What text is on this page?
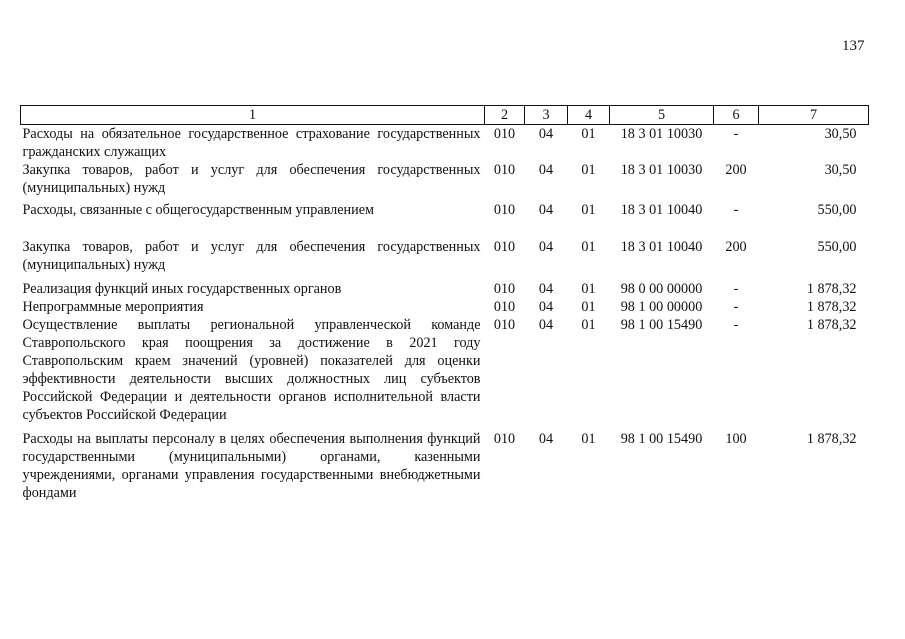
137
1	2	3	4	5	6	7
Расходы на обязательное государственное страхование государственных гражданских служащих	010	04	01	18 3 01 10030	-	30,50
Закупка товаров, работ и услуг для обеспечения государственных (муниципальных) нужд	010	04	01	18 3 01 10030	200	30,50
Расходы, связанные с общегосударственным управлением	010	04	01	18 3 01 10040	-	550,00
Закупка товаров, работ и услуг для обеспечения государственных (муниципальных) нужд	010	04	01	18 3 01 10040	200	550,00
Реализация функций иных государственных органов	010	04	01	98 0 00 00000	-	1 878,32
Непрограммные мероприятия	010	04	01	98 1 00 00000	-	1 878,32
Осуществление выплаты региональной управленческой команде Ставропольского края поощрения за достижение в 2021 году Ставропольским краем значений (уровней) показателей для оценки эффективности деятельности высших должностных лиц субъектов Российской Федерации и деятельности органов исполнительной власти субъектов Российской Федерации	010	04	01	98 1 00 15490	-	1 878,32
Расходы на выплаты персоналу в целях обеспечения выполнения функций государственными (муниципальными) органами, казенными учреждениями, органами управления государственными внебюджетными фондами	010	04	01	98 1 00 15490	100	1 878,32
